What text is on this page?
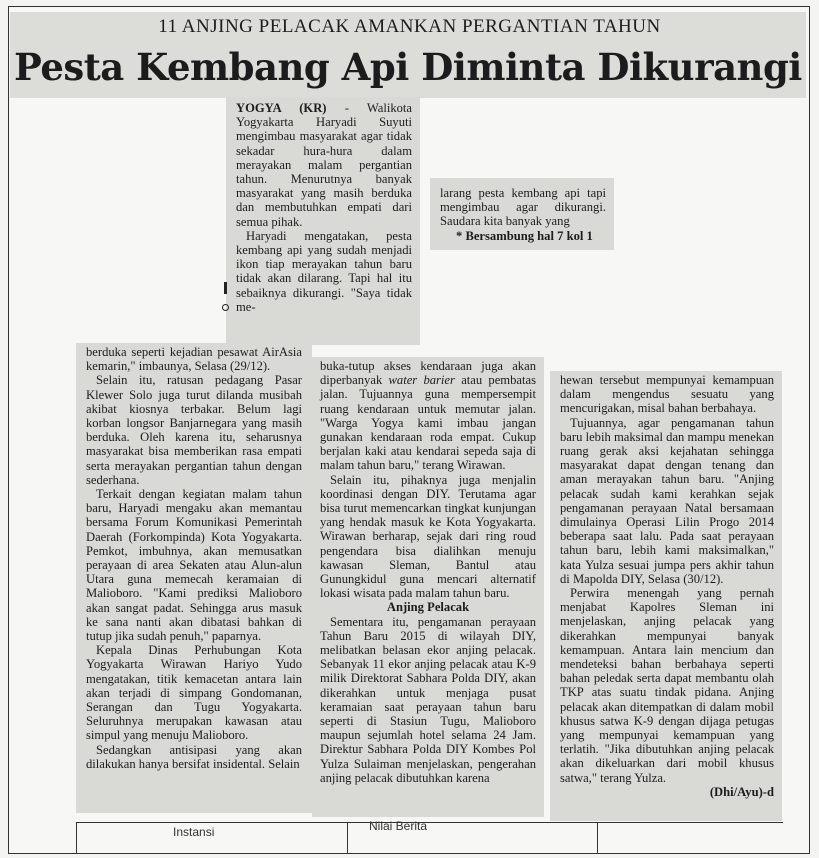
11 ANJING PELACAK AMANKAN PERGANTIAN TAHUN
Pesta Kembang Api Diminta Dikurangi

YOGYA (KR) - Walikota Yogyakarta Haryadi Suyuti mengimbau masyarakat agar tidak sekadar hura-hura dalam merayakan malam pergantian tahun. Menurutnya banyak masyarakat yang masih berduka dan membutuhkan empati dari semua pihak.

Haryadi mengatakan, pesta kembang api yang sudah menjadi ikon tiap merayakan tahun baru tidak akan dilarang. Tapi hal itu sebaiknya dikurangi. "Saya tidak me-

larang pesta kembang api tapi mengimbau agar dikurangi. Saudara kita banyak yang

* Bersambung hal 7 kol 1

berduka seperti kejadian pesawat AirAsia kemarin," imbaunya, Selasa (29/12).

Selain itu, ratusan pedagang Pasar Klewer Solo juga turut dilanda musibah akibat kiosnya terbakar. Belum lagi korban longsor Banjarnegara yang masih berduka. Oleh karena itu, seharusnya masyarakat bisa memberikan rasa empati serta merayakan pergantian tahun dengan sederhana.

Terkait dengan kegiatan malam tahun baru, Haryadi mengaku akan memantau bersama Forum Komunikasi Pemerintah Daerah (Forkompinda) Kota Yogyakarta. Pemkot, imbuhnya, akan memusatkan perayaan di area Sekaten atau Alun-alun Utara guna memecah keramaian di Malioboro. "Kami prediksi Malioboro akan sangat padat. Sehingga arus masuk ke sana nanti akan dibatasi bahkan di tutup jika sudah penuh," paparnya.

Kepala Dinas Perhubungan Kota Yogyakarta Wirawan Hariyo Yudo mengatakan, titik kemacetan antara lain akan terjadi di simpang Gondomanan, Serangan dan Tugu Yogyakarta. Seluruhnya merupakan kawasan atau simpul yang menuju Malioboro.

Sedangkan antisipasi yang akan dilakukan hanya bersifat insidental. Selain

buka-tutup akses kendaraan juga akan diperbanyak water barier atau pembatas jalan. Tujuannya guna mempersempit ruang kendaraan untuk memutar jalan. "Warga Yogya kami imbau jangan gunakan kendaraan roda empat. Cukup berjalan kaki atau kendarai sepeda saja di malam tahun baru," terang Wirawan.

Selain itu, pihaknya juga menjalin koordinasi dengan DIY. Terutama agar bisa turut memencarkan tingkat kunjungan yang hendak masuk ke Kota Yogyakarta. Wirawan berharap, sejak dari ring roud pengendara bisa dialihkan menuju kawasan Sleman, Bantul atau Gunungkidul guna mencari alternatif lokasi wisata pada malam tahun baru.

Anjing Pelacak

Sementara itu, pengamanan perayaan Tahun Baru 2015 di wilayah DIY, melibatkan belasan ekor anjing pelacak. Sebanyak 11 ekor anjing pelacak atau K-9 milik Direktorat Sabhara Polda DIY, akan dikerahkan untuk menjaga pusat keramaian saat perayaan tahun baru seperti di Stasiun Tugu, Malioboro maupun sejumlah hotel selama 24 Jam. Direktur Sabhara Polda DIY Kombes Pol Yulza Sulaiman menjelaskan, pengerahan anjing pelacak dibutuhkan karena

hewan tersebut mempunyai kemampuan dalam mengendus sesuatu yang mencurigakan, misal bahan berbahaya.

Tujuannya, agar pengamanan tahun baru lebih maksimal dan mampu menekan ruang gerak aksi kejahatan sehingga masyarakat dapat dengan tenang dan aman merayakan tahun baru. "Anjing pelacak sudah kami kerahkan sejak pengamanan perayaan Natal bersamaan dimulainya Operasi Lilin Progo 2014 beberapa saat lalu. Pada saat perayaan tahun baru, lebih kami maksimalkan," kata Yulza sesuai jumpa pers akhir tahun di Mapolda DIY, Selasa (30/12).

Perwira menengah yang pernah menjabat Kapolres Sleman ini menjelaskan, anjing pelacak yang dikerahkan mempunyai banyak kemampuan. Antara lain mencium dan mendeteksi bahan berbahaya seperti bahan peledak serta dapat membantu olah TKP atas suatu tindak pidana. Anjing pelacak akan ditempatkan di dalam mobil khusus satwa K-9 dengan dijaga petugas yang mempunyai kemampuan yang terlatih. "Jika dibutuhkan anjing pelacak akan dikeluarkan dari mobil khusus satwa," terang Yulza.

(Dhi/Ayu)-d

Instansi	Nilai Berita
